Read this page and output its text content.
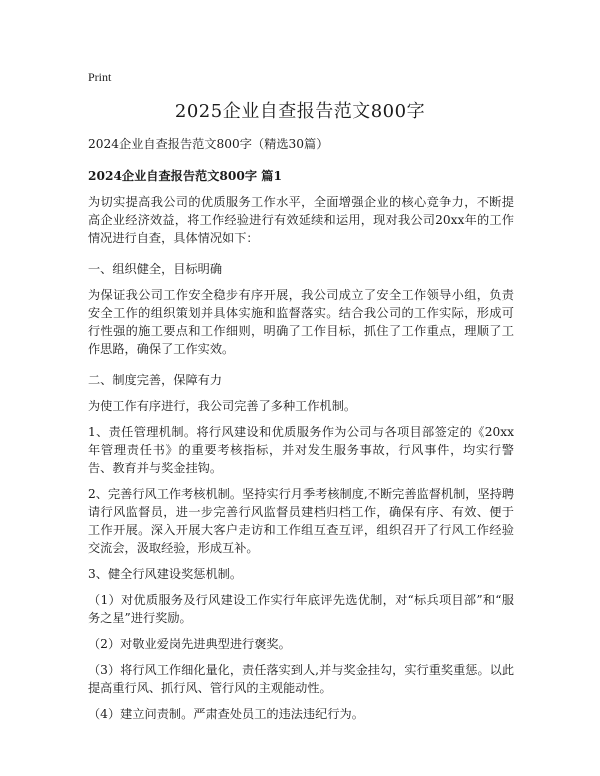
Print
2025企业自查报告范文800字

2024企业自查报告范文800字（精选30篇）

2024企业自查报告范文800字 篇1

为切实提高我公司的优质服务工作水平，全面增强企业的核心竞争力，不断提高企业经济效益，将工作经验进行有效延续和运用，现对我公司20xx年的工作情况进行自查，具体情况如下：

一、组织健全，目标明确

为保证我公司工作安全稳步有序开展，我公司成立了安全工作领导小组，负责安全工作的组织策划并具体实施和监督落实。结合我公司的工作实际，形成可行性强的施工要点和工作细则，明确了工作目标，抓住了工作重点，理顺了工作思路，确保了工作实效。

二、制度完善，保障有力

为使工作有序进行，我公司完善了多种工作机制。

1、责任管理机制。将行风建设和优质服务作为公司与各项目部签定的《20xx年管理责任书》的重要考核指标，并对发生服务事故，行风事件，均实行警告、教育并与奖金挂钩。

2、完善行风工作考核机制。坚持实行月季考核制度,不断完善监督机制，坚持聘请行风监督员，进一步完善行风监督员建档归档工作，确保有序、有效、便于工作开展。深入开展大客户走访和工作组互查互评，组织召开了行风工作经验交流会，汲取经验，形成互补。

3、健全行风建设奖惩机制。

（1）对优质服务及行风建设工作实行年底评先选优制，对“标兵项目部”和“服务之星”进行奖励。

（2）对敬业爱岗先进典型进行褒奖。

（3）将行风工作细化量化，责任落实到人,并与奖金挂勾，实行重奖重惩。以此提高重行风、抓行风、管行风的主观能动性。

（4）建立问责制。严肃查处员工的违法违纪行为。
